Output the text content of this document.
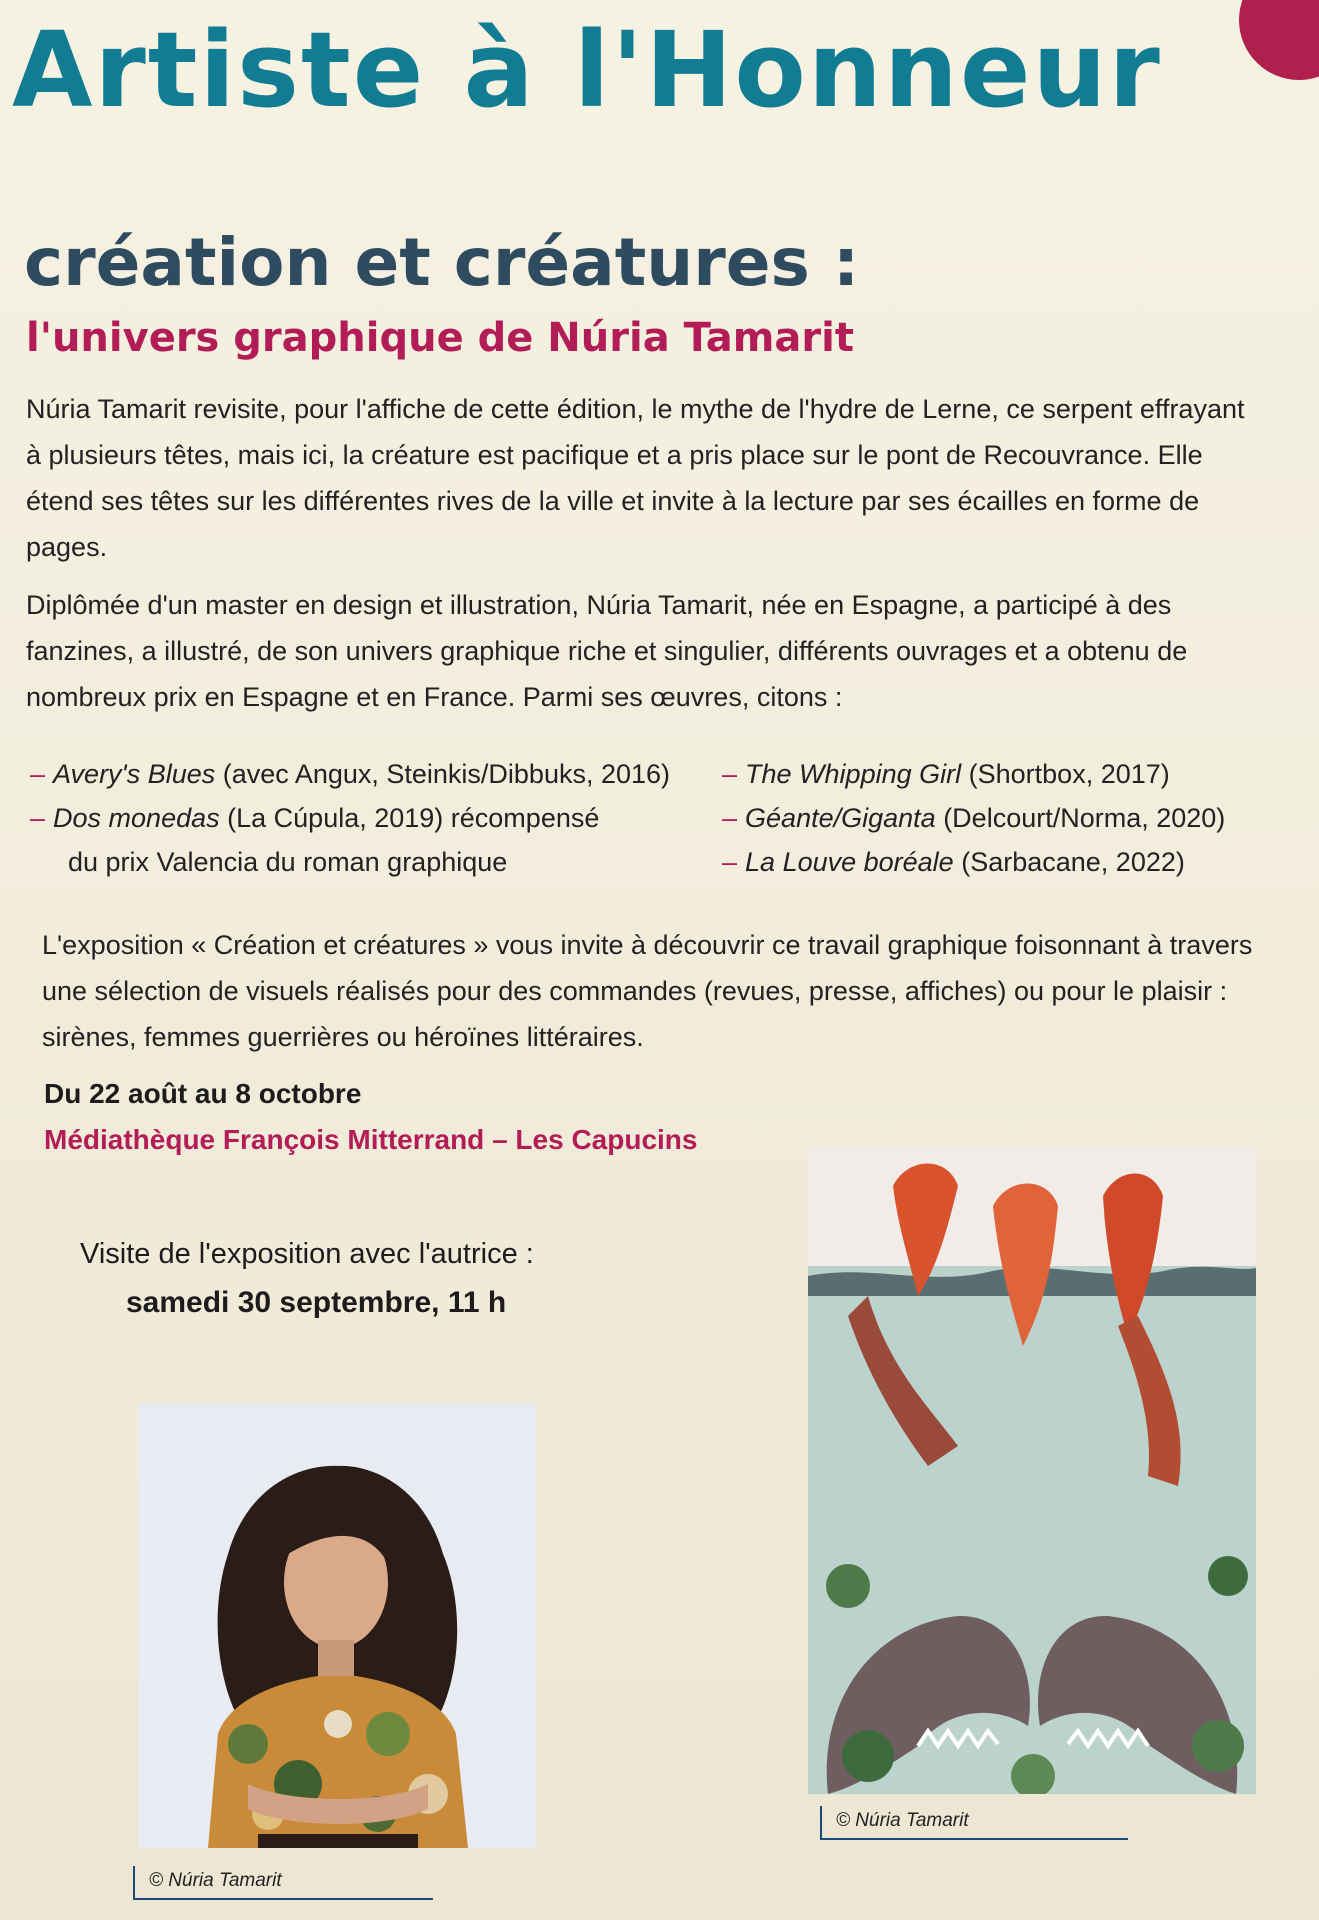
Artiste à l'Honneur
création et créatures :
l'univers graphique de Núria Tamarit

Núria Tamarit revisite, pour l'affiche de cette édition, le mythe de l'hydre de Lerne, ce serpent effrayant à plusieurs têtes, mais ici, la créature est pacifique et a pris place sur le pont de Recouvrance. Elle étend ses têtes sur les différentes rives de la ville et invite à la lecture par ses écailles en forme de pages.

Diplômée d'un master en design et illustration, Núria Tamarit, née en Espagne, a participé à des fanzines, a illustré, de son univers graphique riche et singulier, différents ouvrages et a obtenu de nombreux prix en Espagne et en France. Parmi ses œuvres, citons :

– Avery's Blues (avec Angux, Steinkis/Dibbuks, 2016)
– Dos monedas (La Cúpula, 2019) récompensé
du prix Valencia du roman graphique
– The Whipping Girl (Shortbox, 2017)
– Géante/Giganta (Delcourt/Norma, 2020)
– La Louve boréale (Sarbacane, 2022)

L'exposition « Création et créatures » vous invite à découvrir ce travail graphique foisonnant à travers une sélection de visuels réalisés pour des commandes (revues, presse, affiches) ou pour le plaisir : sirènes, femmes guerrières ou héroïnes littéraires.

Du 22 août au 8 octobre
Médiathèque François Mitterrand – Les Capucins
Visite de l'exposition avec l'autrice :
samedi 30 septembre, 11 h
© Núria Tamarit
© Núria Tamarit
